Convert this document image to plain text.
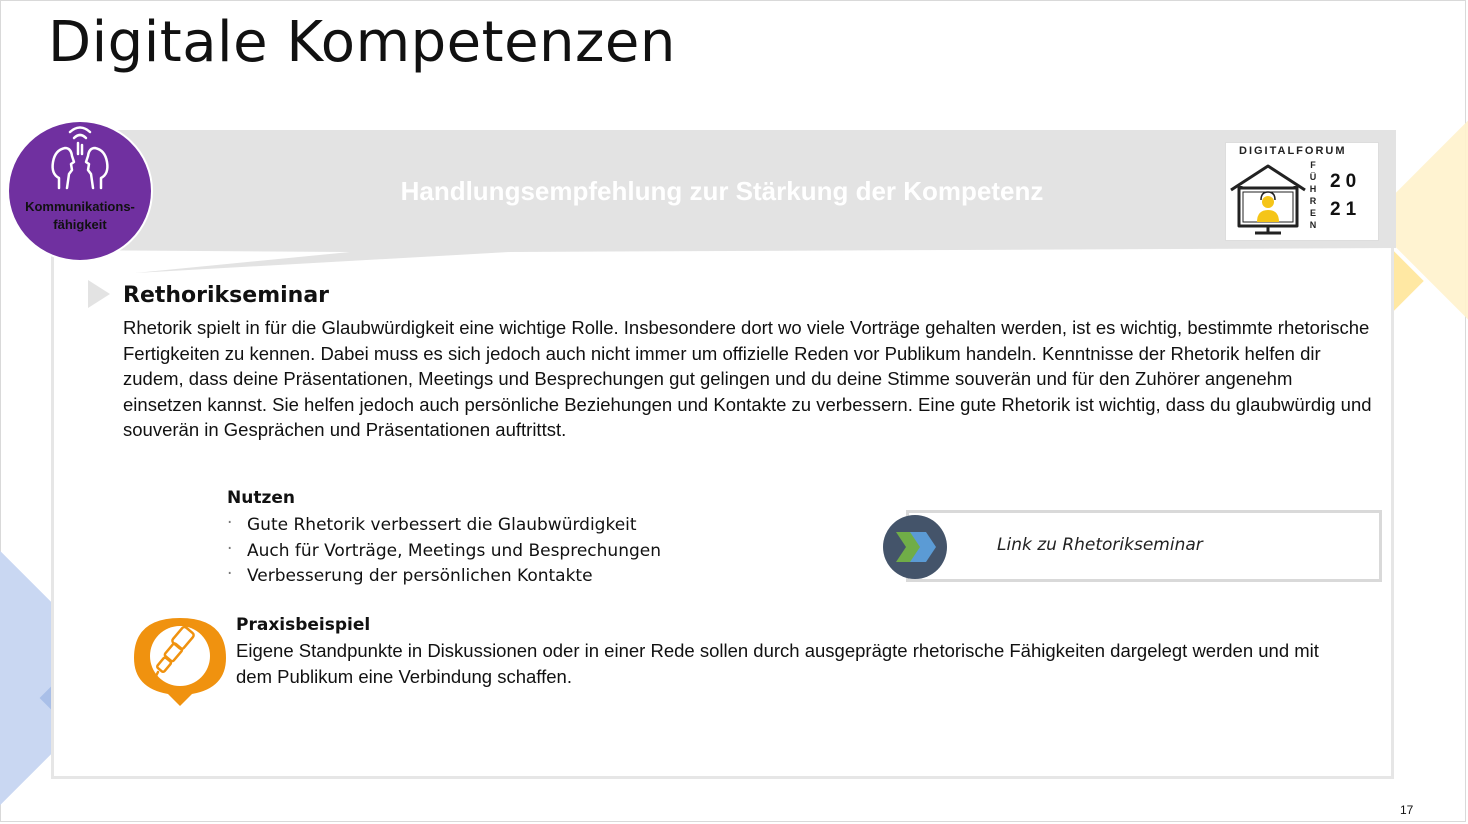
Digitale Kompetenzen
Handlungsempfehlung zur Stärkung der Kompetenz
Kommunikations-
fähigkeit
DIGITALFORUM
F
Ü
H
R
E
N
20
21
Rethorikseminar
Rhetorik spielt in für die Glaubwürdigkeit eine wichtige Rolle. Insbesondere dort wo viele Vorträge gehalten werden, ist es wichtig, bestimmte rhetorische Fertigkeiten zu kennen. Dabei muss es sich jedoch auch nicht immer um offizielle Reden vor Publikum handeln. Kenntnisse der Rhetorik helfen dir zudem, dass deine Präsentationen, Meetings und Besprechungen gut gelingen und du deine Stimme souverän und für den Zuhörer angenehm einsetzen kannst. Sie helfen jedoch auch persönliche Beziehungen und Kontakte zu verbessern. Eine gute Rhetorik ist wichtig, dass du glaubwürdig und souverän in Gesprächen und Präsentationen auftrittst.
Nutzen
· Gute Rhetorik verbessert die Glaubwürdigkeit
· Auch für Vorträge, Meetings und Besprechungen
· Verbesserung der persönlichen Kontakte
Link zu Rhetorikseminar
Praxisbeispiel
Eigene Standpunkte in Diskussionen oder in einer Rede sollen durch ausgeprägte rhetorische Fähigkeiten dargelegt werden und mit dem Publikum eine Verbindung schaffen.
17
